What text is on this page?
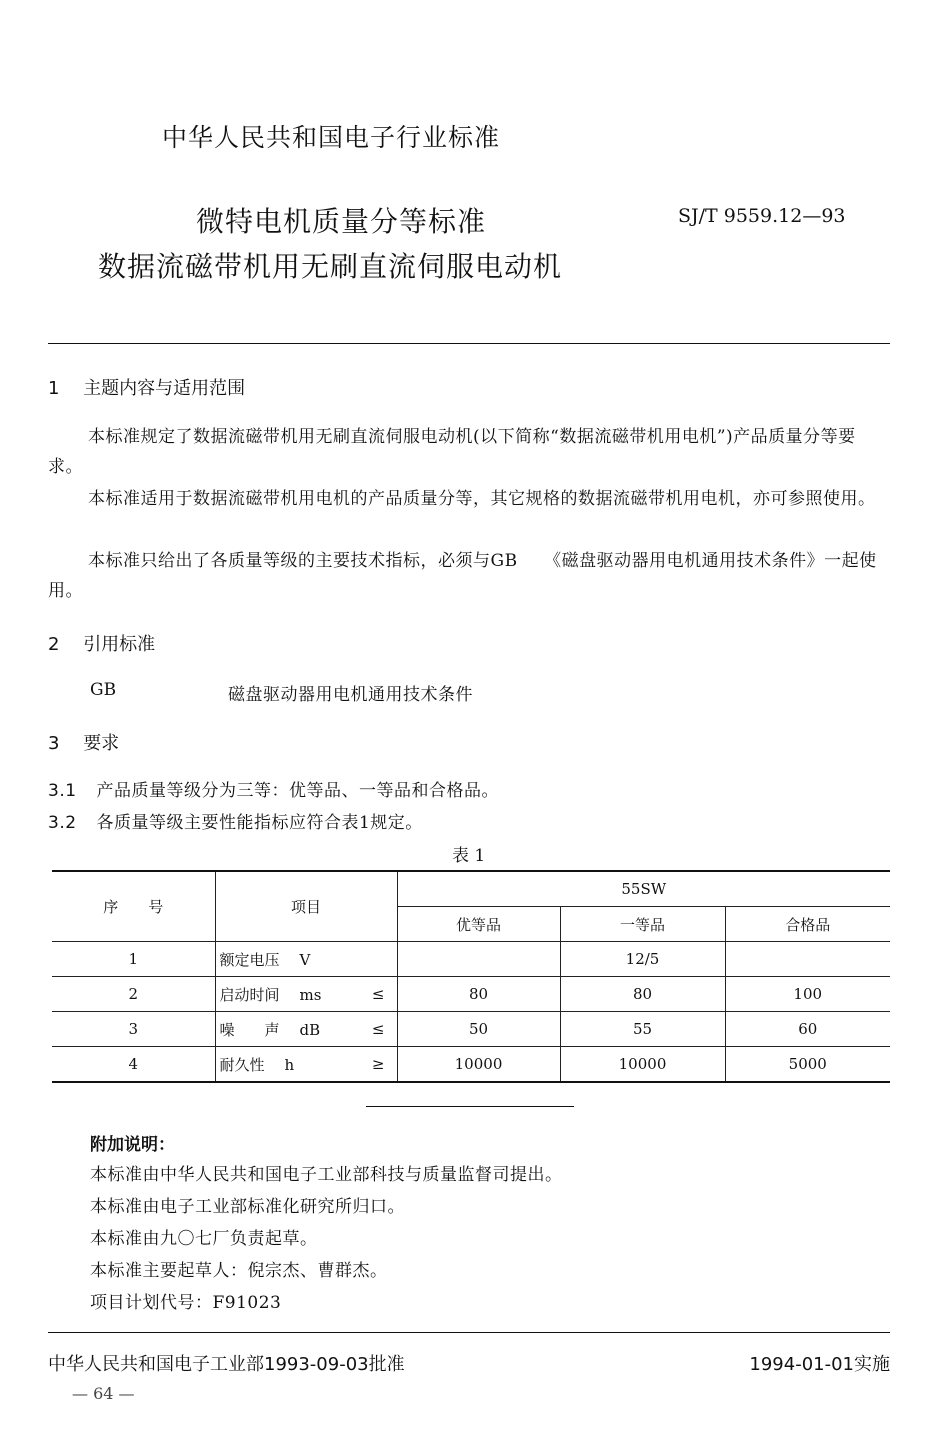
中华人民共和国电子行业标准
微特电机质量分等标准
数据流磁带机用无刷直流伺服电动机
SJ/T 9559.12—93
1 主题内容与适用范围

本标准规定了数据流磁带机用无刷直流伺服电动机(以下简称“数据流磁带机用电机”)产品质量分等要求。

本标准适用于数据流磁带机用电机的产品质量分等，其它规格的数据流磁带机用电机，亦可参照使用。

本标准只给出了各质量等级的主要技术指标，必须与GB　　《磁盘驱动器用电机通用技术条件》一起使用。

2 引用标准
GB	磁盘驱动器用电机通用技术条件
3 要求
3.1 产品质量等级分为三等：优等品、一等品和合格品。
3.2 各质量等级主要性能指标应符合表1规定。
表 1
序　　号	项目	55SW		
		优等品	一等品	合格品
1	额定电压 V		12/5	
2	启动时间 ms ≤	80	80	100
3	噪　　声 dB ≤	50	55	60
4	耐久性 h ≥	10000	10000	5000
附加说明：
本标准由中华人民共和国电子工业部科技与质量监督司提出。
本标准由电子工业部标准化研究所归口。
本标准由九〇七厂负责起草。
本标准主要起草人：倪宗杰、曹群杰。
项目计划代号：F91023
中华人民共和国电子工业部1993-09-03批准	1994-01-01实施
— 64 —
